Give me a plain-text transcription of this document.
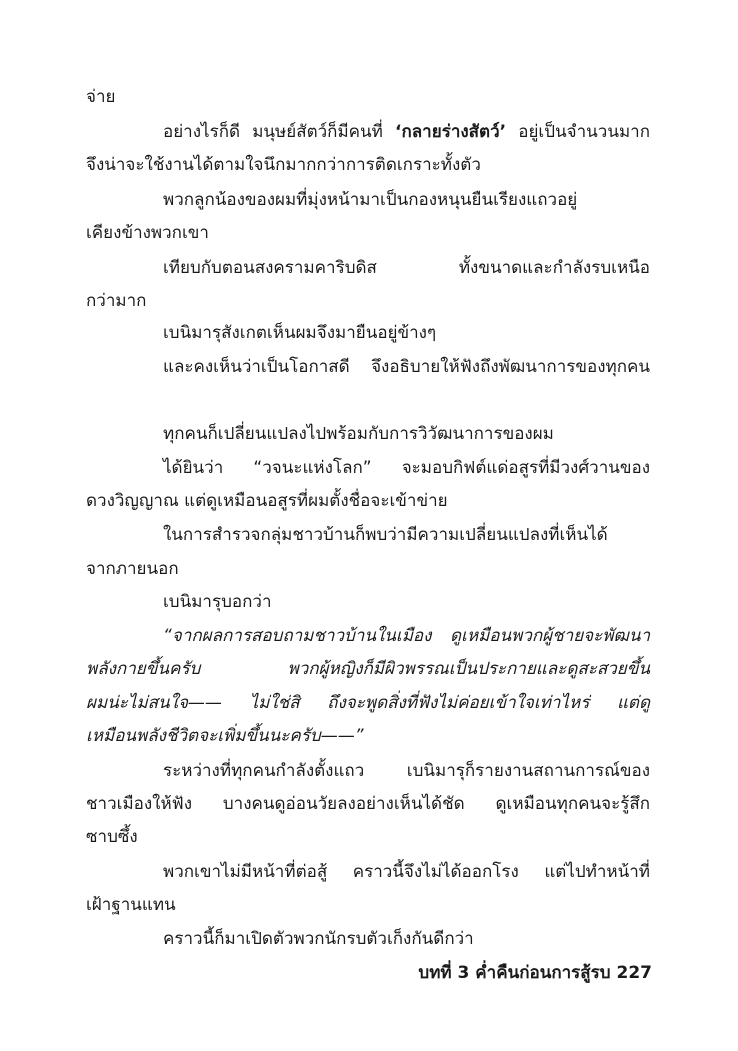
จ่าย
อย่างไรก็ดี มนุษย์สัตว์ก็มีคนที่ ‘กลายร่างสัตว์’ อยู่เป็นจำนวนมาก
จึงน่าจะใช้งานได้ตามใจนึกมากกว่าการติดเกราะทั้งตัว
พวกลูกน้องของผมที่มุ่งหน้ามาเป็นกองหนุนยืนเรียงแถวอยู่
เคียงข้างพวกเขา
เทียบกับตอนสงครามคาริบดิส ทั้งขนาดและกำลังรบเหนือ
กว่ามาก
เบนิมารุสังเกตเห็นผมจึงมายืนอยู่ข้างๆ
และคงเห็นว่าเป็นโอกาสดี จึงอธิบายให้ฟังถึงพัฒนาการของทุกคน
ทุกคนก็เปลี่ยนแปลงไปพร้อมกับการวิวัฒนาการของผม
ได้ยินว่า “วจนะแห่งโลก” จะมอบกิฟต์แด่อสูรที่มีวงศ์วานของ
ดวงวิญญาณ แต่ดูเหมือนอสูรที่ผมตั้งชื่อจะเข้าข่าย
ในการสำรวจกลุ่มชาวบ้านก็พบว่ามีความเปลี่ยนแปลงที่เห็นได้
จากภายนอก
เบนิมารุบอกว่า
“จากผลการสอบถามชาวบ้านในเมือง ดูเหมือนพวกผู้ชายจะพัฒนา
พลังกายขึ้นครับ พวกผู้หญิงก็มีผิวพรรณเป็นประกายและดูสะสวยขึ้น
ผมน่ะไม่สนใจ—— ไม่ใช่สิ ถึงจะพูดสิ่งที่ฟังไม่ค่อยเข้าใจเท่าไหร่ แต่ดู
เหมือนพลังชีวิตจะเพิ่มขึ้นนะครับ——”
ระหว่างที่ทุกคนกำลังตั้งแถว เบนิมารุก็รายงานสถานการณ์ของ
ชาวเมืองให้ฟัง บางคนดูอ่อนวัยลงอย่างเห็นได้ชัด ดูเหมือนทุกคนจะรู้สึก
ซาบซึ้ง
พวกเขาไม่มีหน้าที่ต่อสู้ คราวนี้จึงไม่ได้ออกโรง แต่ไปทำหน้าที่
เฝ้าฐานแทน
คราวนี้ก็มาเปิดตัวพวกนักรบตัวเก็งกันดีกว่า
บทที่ 3 ค่ำคืนก่อนการสู้รบ 227
